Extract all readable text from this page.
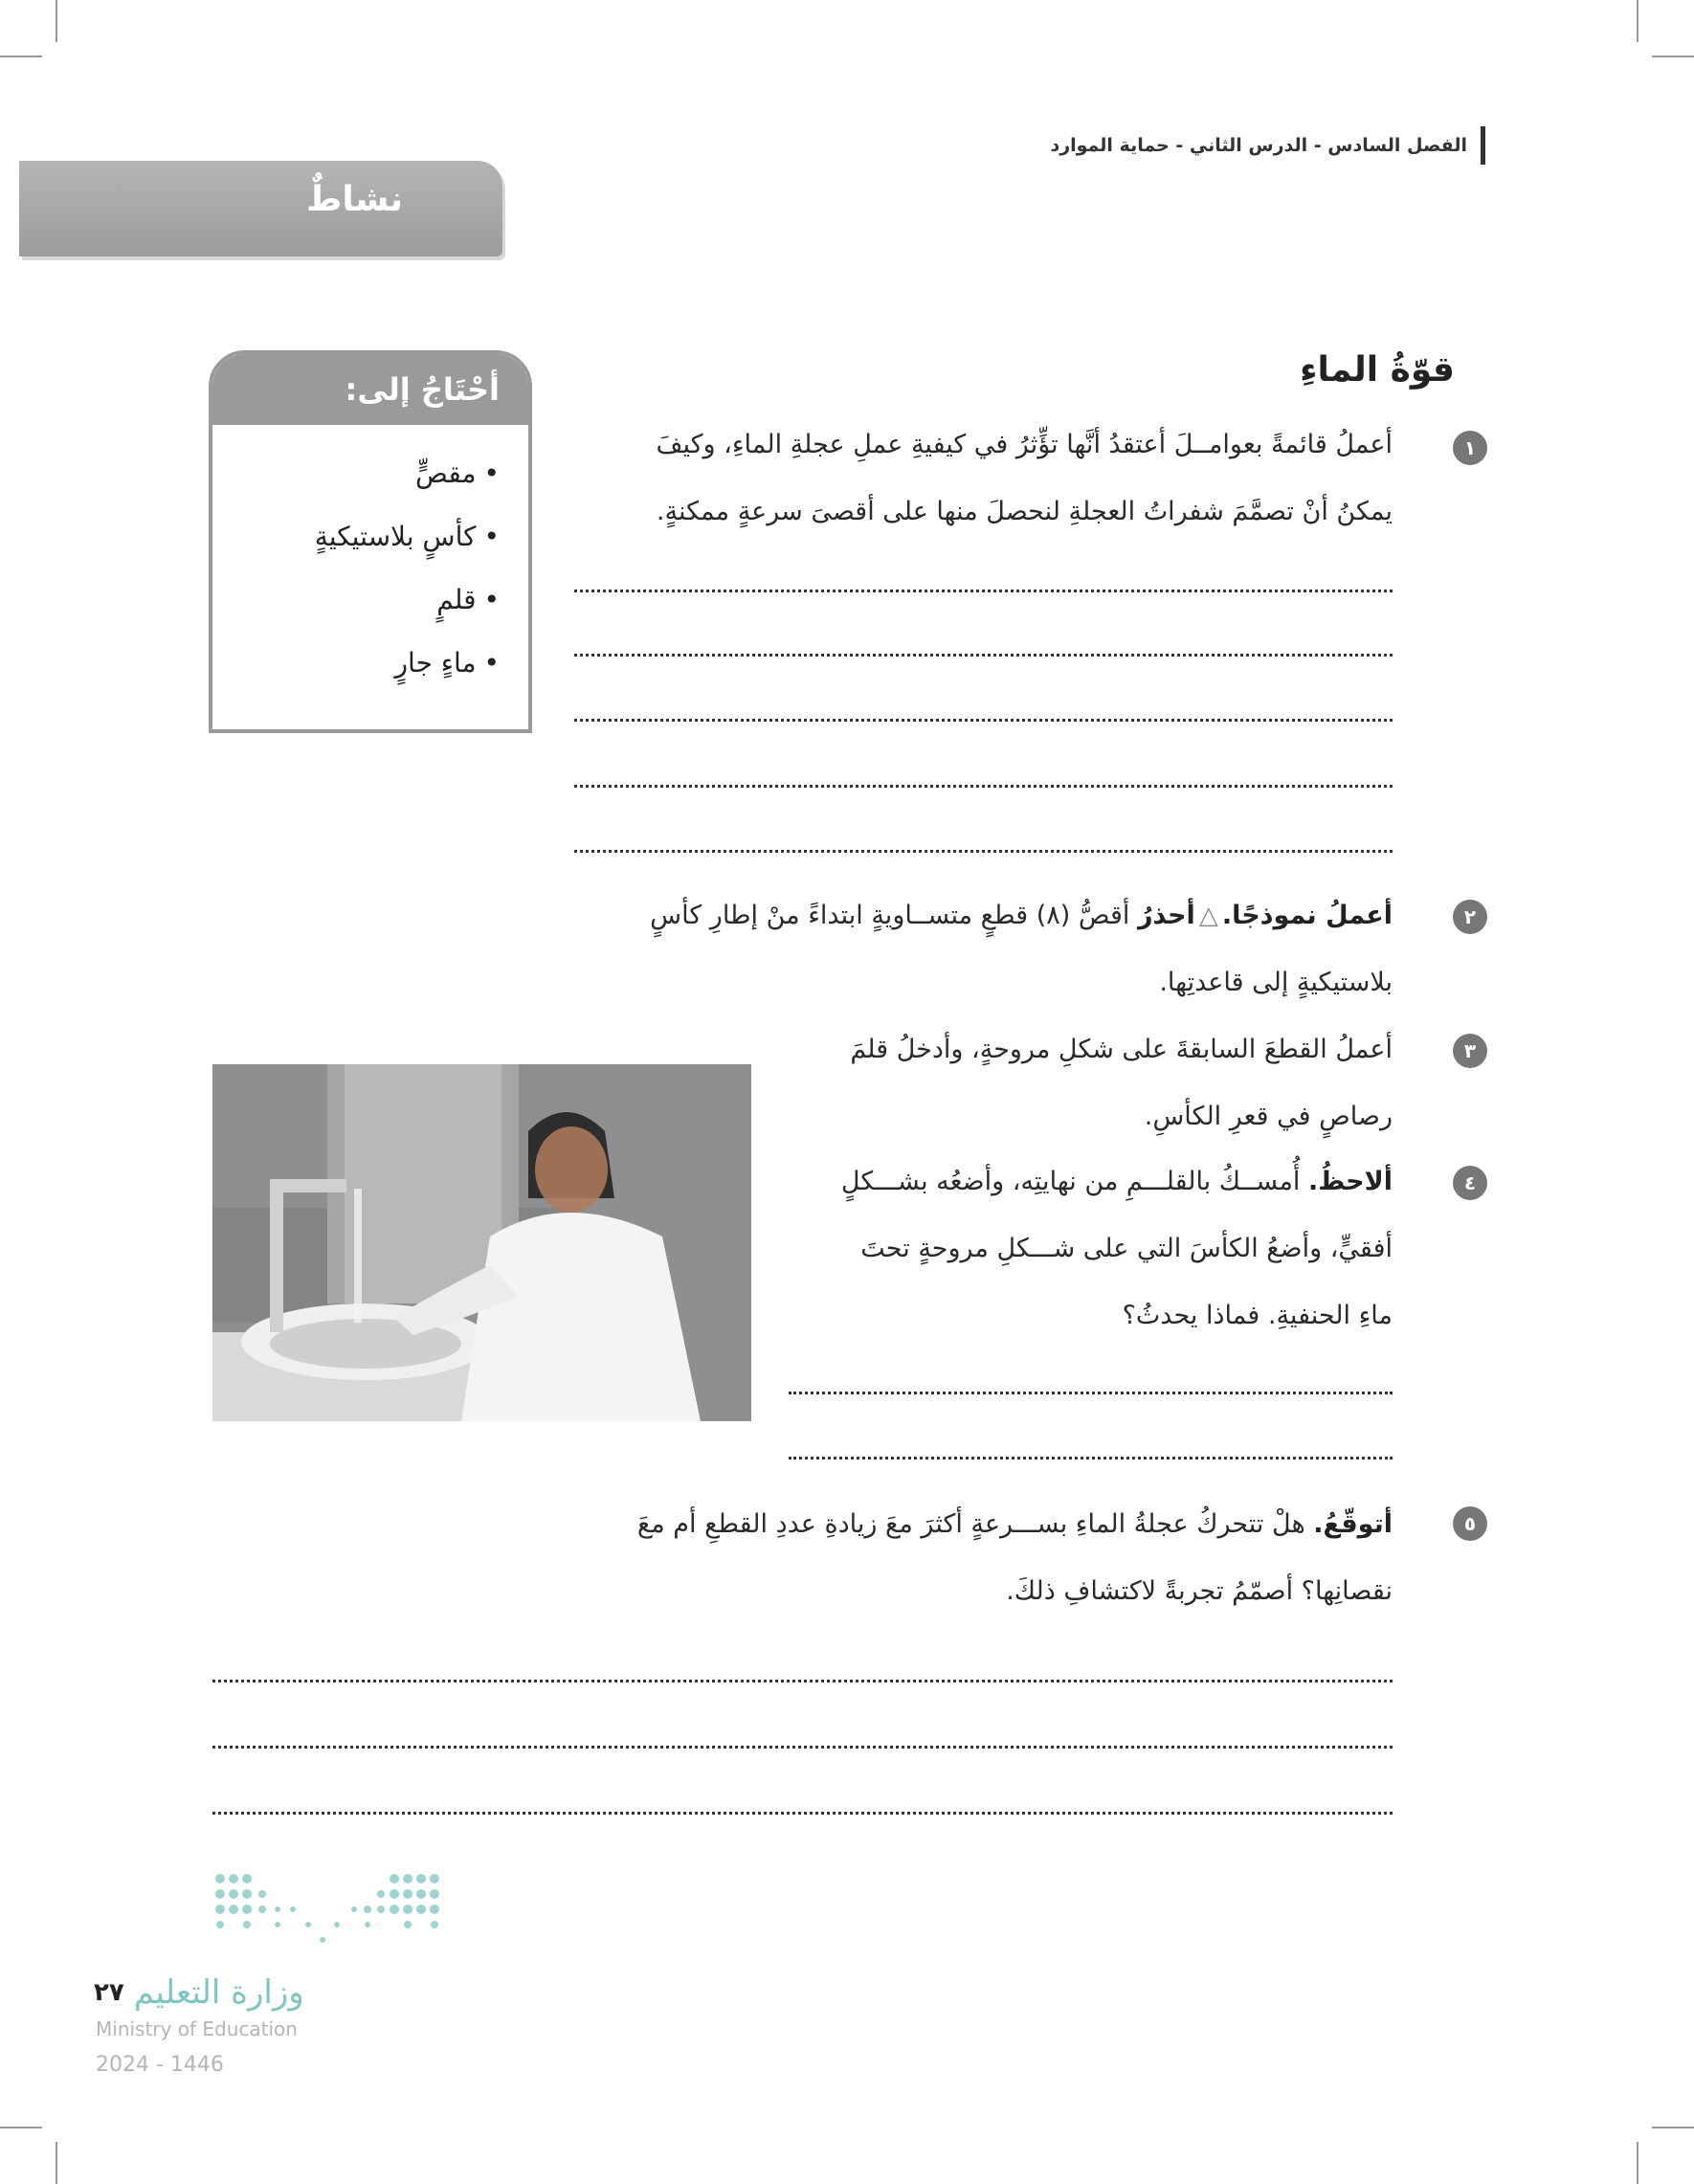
الفصل السادس - الدرس الثاني - حماية الموارد
نشاطٌ
أحْتَاجُ إلى:
• مقصٍّ
• كأسٍ بلاستيكيةٍ
• قلمٍ
• ماءٍ جارٍ
قوّةُ الماءِ
١
أعملُ قائمةً بعوامــلَ أعتقدُ أنَّها تؤِّثرُ في كيفيةِ عملِ عجلةِ الماءِ، وكيفَ
يمكنُ أنْ تصمَّمَ شفراتُ العجلةِ لنحصلَ منها على أقصىَ سرعةٍ ممكنةٍ.
٢
أعملُ نموذجًا.△أحذرُ أقصُّ (٨) قطعٍ متســاويةٍ ابتداءً منْ إطارِ كأسٍ
بلاستيكيةٍ إلى قاعدتِها.
٣
أعملُ القطعَ السابقةَ على شكلِ مروحةٍ، وأدخلُ قلمَ
رصاصٍ في قعرِ الكأسِ.
٤
ألاحظُ. أُمســكُ بالقلـــمِ من نهايتِه، وأضعُه بشـــكلٍ
أفقيٍّ، وأضعُ الكأسَ التي على شـــكلِ مروحةٍ تحتَ
ماءِ الحنفيةِ. فماذا يحدثُ؟
٥
أتوقّعُ. هلْ تتحركُ عجلةُ الماءِ بســـرعةٍ أكثرَ معَ زيادةِ عددِ القطعِ أم معَ
نقصانِها؟ أصمّمُ تجربةً لاكتشافِ ذلكَ.
٢٧ وزارة التعليم
Ministry of Education
2024 - 1446
